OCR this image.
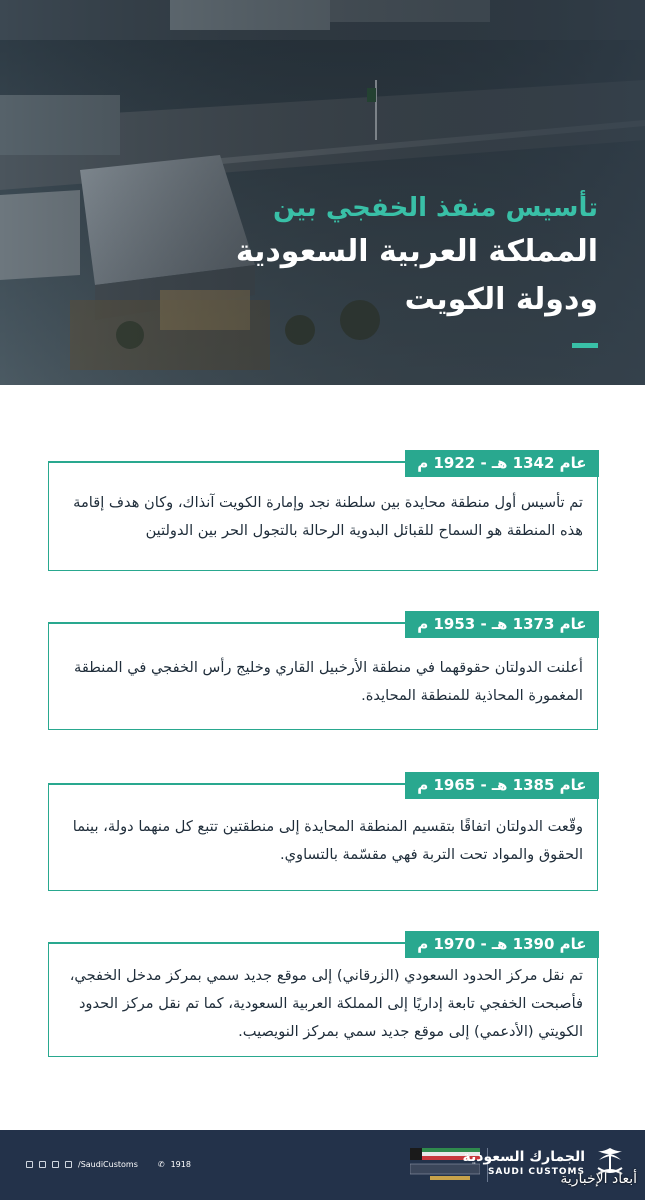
تأسيس منفذ الخفجي بين
المملكة العربية السعودية
ودولة الكويت
عام 1342 هـ - 1922 م
تم تأسيس أول منطقة محايدة بين سلطنة نجد وإمارة الكويت آنذاك، وكان هدف إقامة هذه المنطقة هو السماح للقبائل البدوية الرحالة بالتجول الحر بين الدولتين
عام 1373 هـ - 1953 م
أعلنت الدولتان حقوقهما في منطقة الأرخبيل القاري وخليج رأس الخفجي في المنطقة المغمورة المحاذية للمنطقة المحايدة.
عام 1385 هـ - 1965 م
وقّعت الدولتان اتفاقًا بتقسيم المنطقة المحايدة إلى منطقتين تتبع كل منهما دولة، بينما الحقوق والمواد تحت التربة فهي مقسّمة بالتساوي.
عام 1390 هـ - 1970 م
تم نقل مركز الحدود السعودي (الزرقاني) إلى موقع جديد سمي بمركز مدخل الخفجي، فأصبحت الخفجي تابعة إداريًا إلى المملكة العربية السعودية، كما تم نقل مركز الحدود الكويتي (الأدعمي) إلى موقع جديد سمي بمركز النويصيب.
/SaudiCustoms	✆ 1918	الجمارك السعودية
SAUDI CUSTOMS
أبعاد الإخبارية
